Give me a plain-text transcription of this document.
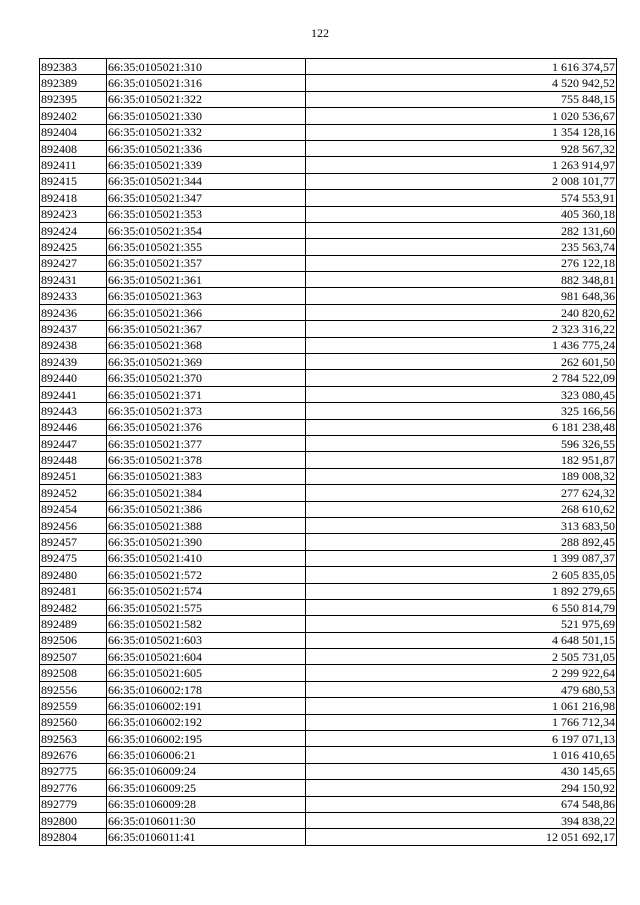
122
892383	66:35:0105021:310	1 616 374,57
892389	66:35:0105021:316	4 520 942,52
892395	66:35:0105021:322	755 848,15
892402	66:35:0105021:330	1 020 536,67
892404	66:35:0105021:332	1 354 128,16
892408	66:35:0105021:336	928 567,32
892411	66:35:0105021:339	1 263 914,97
892415	66:35:0105021:344	2 008 101,77
892418	66:35:0105021:347	574 553,91
892423	66:35:0105021:353	405 360,18
892424	66:35:0105021:354	282 131,60
892425	66:35:0105021:355	235 563,74
892427	66:35:0105021:357	276 122,18
892431	66:35:0105021:361	882 348,81
892433	66:35:0105021:363	981 648,36
892436	66:35:0105021:366	240 820,62
892437	66:35:0105021:367	2 323 316,22
892438	66:35:0105021:368	1 436 775,24
892439	66:35:0105021:369	262 601,50
892440	66:35:0105021:370	2 784 522,09
892441	66:35:0105021:371	323 080,45
892443	66:35:0105021:373	325 166,56
892446	66:35:0105021:376	6 181 238,48
892447	66:35:0105021:377	596 326,55
892448	66:35:0105021:378	182 951,87
892451	66:35:0105021:383	189 008,32
892452	66:35:0105021:384	277 624,32
892454	66:35:0105021:386	268 610,62
892456	66:35:0105021:388	313 683,50
892457	66:35:0105021:390	288 892,45
892475	66:35:0105021:410	1 399 087,37
892480	66:35:0105021:572	2 605 835,05
892481	66:35:0105021:574	1 892 279,65
892482	66:35:0105021:575	6 550 814,79
892489	66:35:0105021:582	521 975,69
892506	66:35:0105021:603	4 648 501,15
892507	66:35:0105021:604	2 505 731,05
892508	66:35:0105021:605	2 299 922,64
892556	66:35:0106002:178	479 680,53
892559	66:35:0106002:191	1 061 216,98
892560	66:35:0106002:192	1 766 712,34
892563	66:35:0106002:195	6 197 071,13
892676	66:35:0106006:21	1 016 410,65
892775	66:35:0106009:24	430 145,65
892776	66:35:0106009:25	294 150,92
892779	66:35:0106009:28	674 548,86
892800	66:35:0106011:30	394 838,22
892804	66:35:0106011:41	12 051 692,17
